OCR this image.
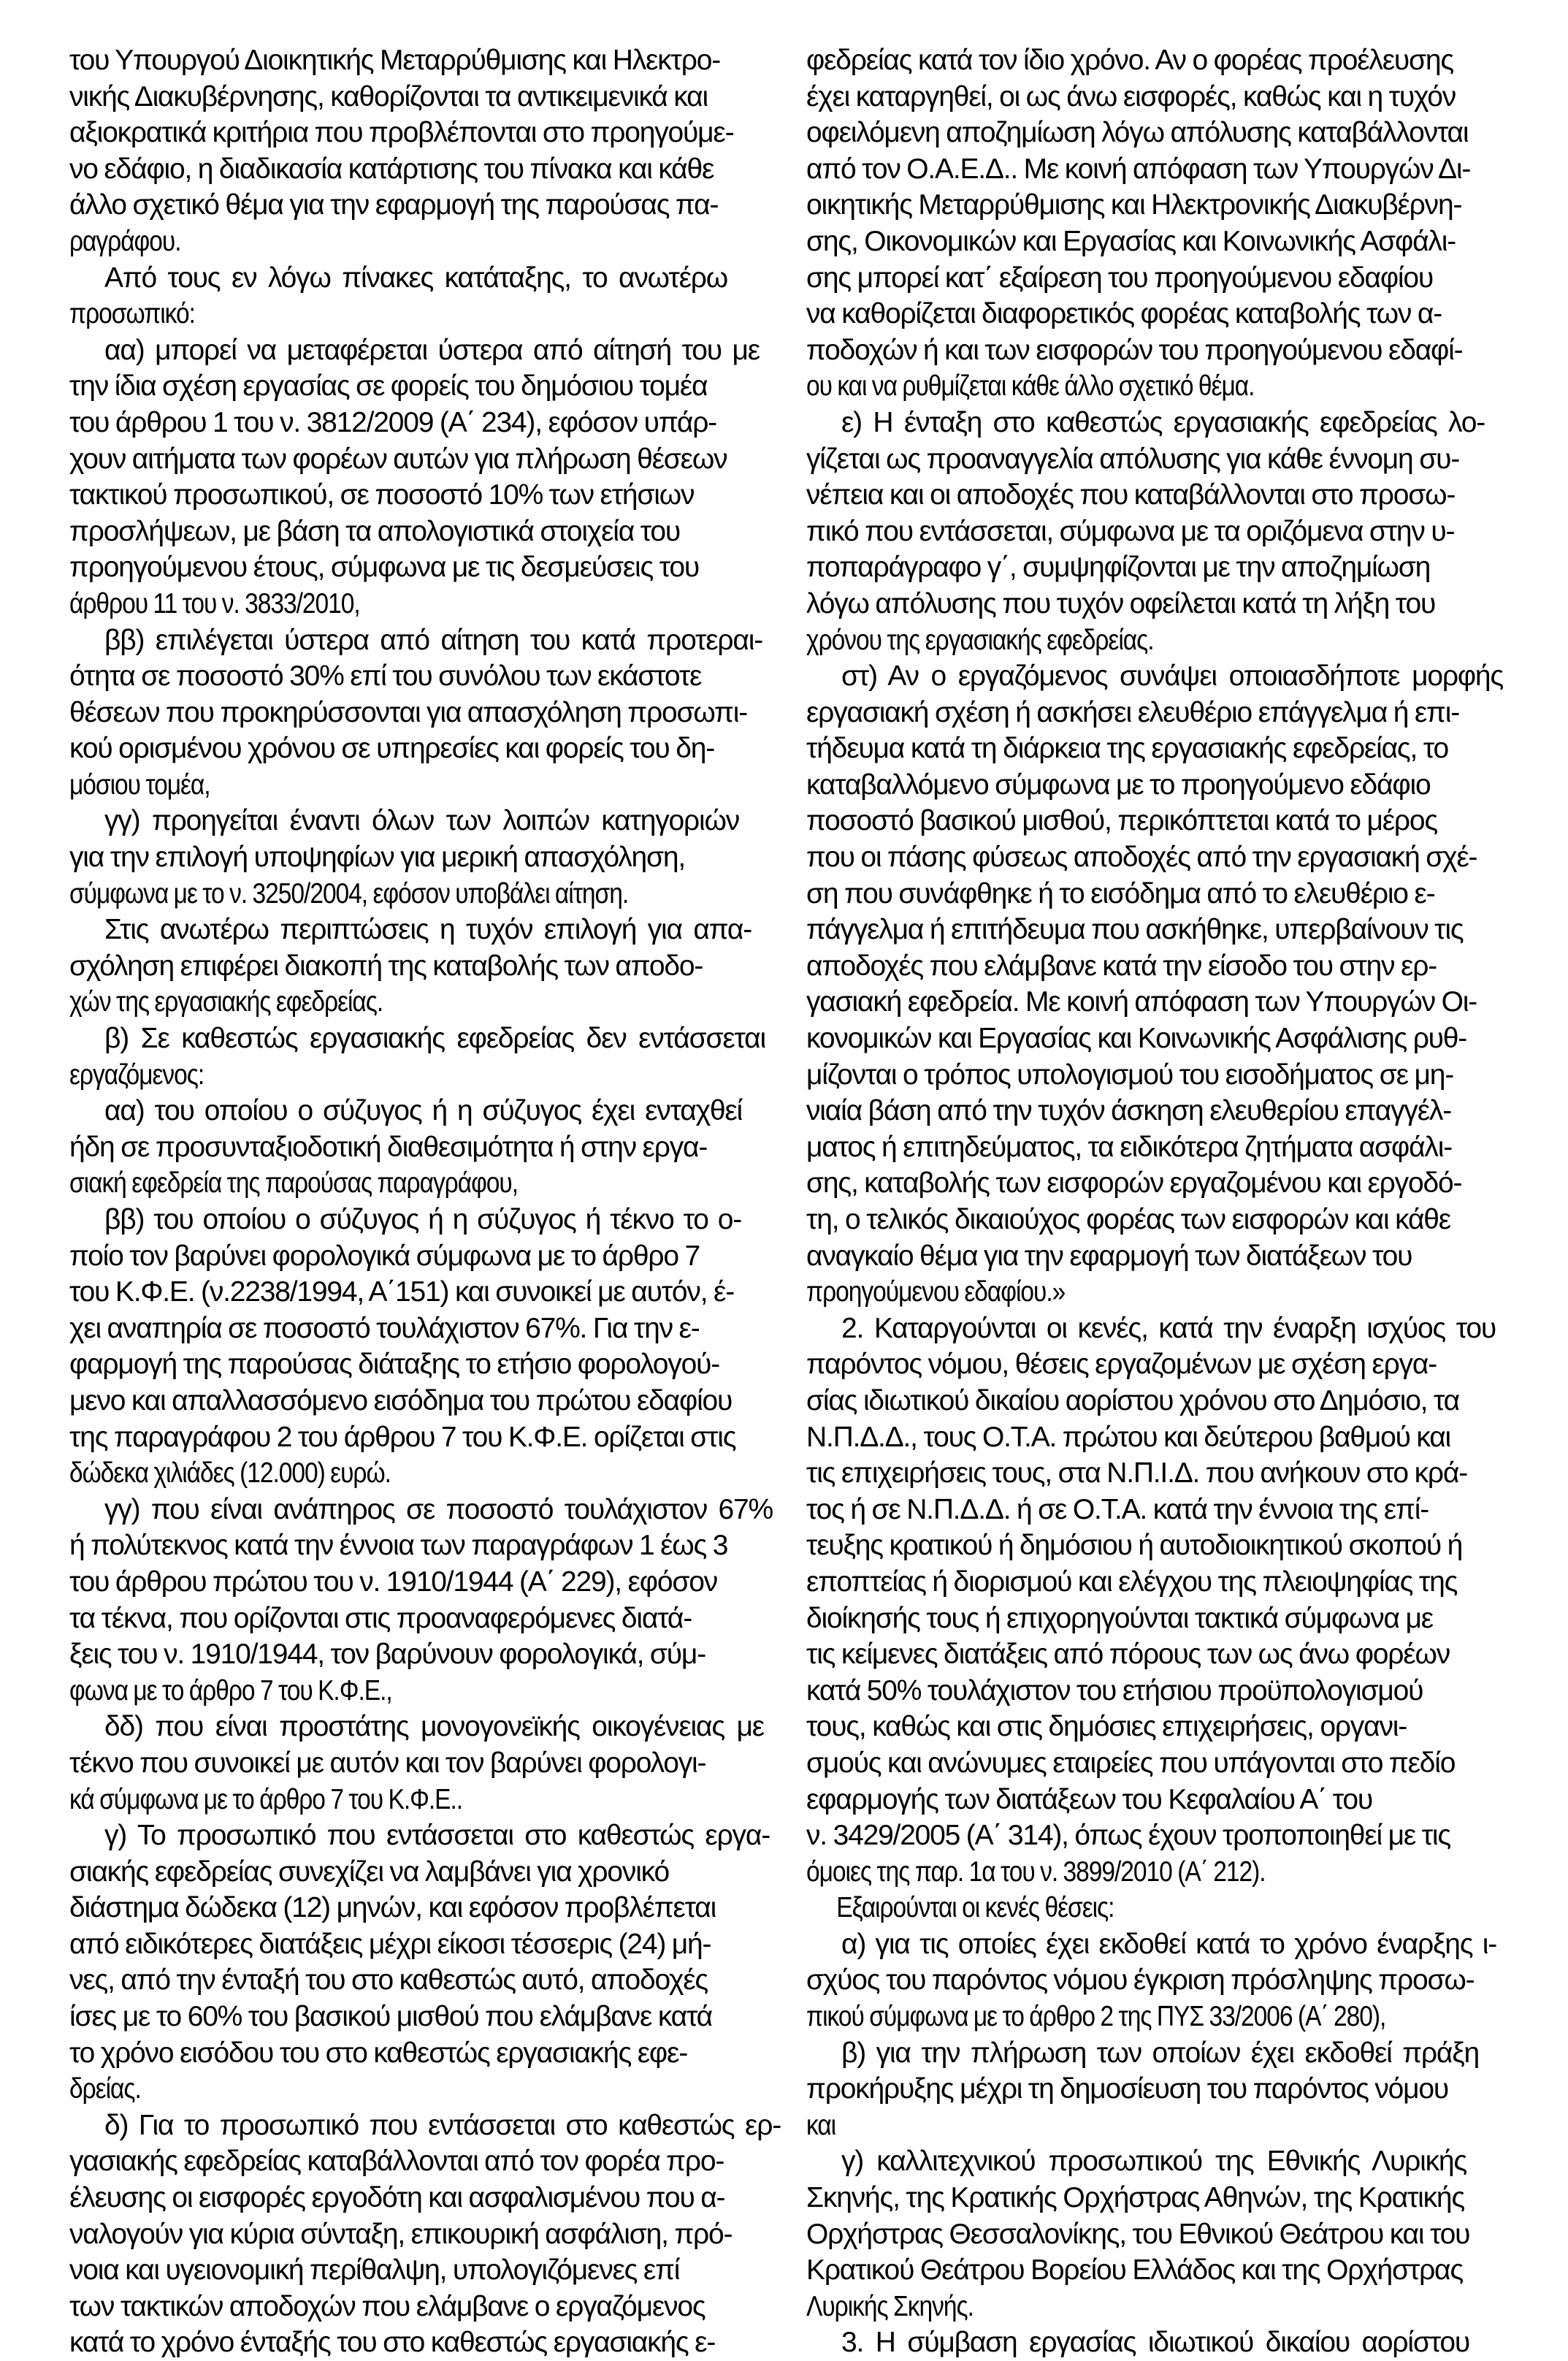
του Υπουργού Διοικητικής Μεταρρύθμισης και Ηλεκτρο-
νικής Διακυβέρνησης, καθορίζονται τα αντικειμενικά και
αξιοκρατικά κριτήρια που προβλέπονται στο προηγούμε-
νο εδάφιο, η διαδικασία κατάρτισης του πίνακα και κάθε
άλλο σχετικό θέμα για την εφαρμογή της παρούσας πα-
ραγράφου.
Από τους εν λόγω πίνακες κατάταξης, το ανωτέρω
προσωπικό:
αα) μπορεί να μεταφέρεται ύστερα από αίτησή του με
την ίδια σχέση εργασίας σε φορείς του δημόσιου τομέα
του άρθρου 1 του ν. 3812/2009 (Α΄ 234), εφόσον υπάρ-
χουν αιτήματα των φορέων αυτών για πλήρωση θέσεων
τακτικού προσωπικού, σε ποσοστό 10% των ετήσιων
προσλήψεων, με βάση τα απολογιστικά στοιχεία του
προηγούμενου έτους, σύμφωνα με τις δεσμεύσεις του
άρθρου 11 του ν. 3833/2010,
ββ) επιλέγεται ύστερα από αίτηση του κατά προτεραι-
ότητα σε ποσοστό 30% επί του συνόλου των εκάστοτε
θέσεων που προκηρύσσονται για απασχόληση προσωπι-
κού ορισμένου χρόνου σε υπηρεσίες και φορείς του δη-
μόσιου τομέα,
γγ) προηγείται έναντι όλων των λοιπών κατηγοριών
για την επιλογή υποψηφίων για μερική απασχόληση,
σύμφωνα με το ν. 3250/2004, εφόσον υποβάλει αίτηση.
Στις ανωτέρω περιπτώσεις η τυχόν επιλογή για απα-
σχόληση επιφέρει διακοπή της καταβολής των αποδο-
χών της εργασιακής εφεδρείας.
β) Σε καθεστώς εργασιακής εφεδρείας δεν εντάσσεται
εργαζόμενος:
αα) του οποίου ο σύζυγος ή η σύζυγος έχει ενταχθεί
ήδη σε προσυνταξιοδοτική διαθεσιμότητα ή στην εργα-
σιακή εφεδρεία της παρούσας παραγράφου,
ββ) του οποίου ο σύζυγος ή η σύζυγος ή τέκνο το ο-
ποίο τον βαρύνει φορολογικά σύμφωνα με το άρθρο 7
του Κ.Φ.Ε. (ν.2238/1994, Α΄151) και συνοικεί με αυτόν, έ-
χει αναπηρία σε ποσοστό τουλάχιστον 67%. Για την ε-
φαρμογή της παρούσας διάταξης το ετήσιο φορολογού-
μενο και απαλλασσόμενο εισόδημα του πρώτου εδαφίου
της παραγράφου 2 του άρθρου 7 του Κ.Φ.Ε. ορίζεται στις
δώδεκα χιλιάδες (12.000) ευρώ.
γγ) που είναι ανάπηρος σε ποσοστό τουλάχιστον 67%
ή πολύτεκνος κατά την έννοια των παραγράφων 1 έως 3
του άρθρου πρώτου του ν. 1910/1944 (Α΄ 229), εφόσον
τα τέκνα, που ορίζονται στις προαναφερόμενες διατά-
ξεις του ν. 1910/1944, τον βαρύνουν φορολογικά, σύμ-
φωνα με το άρθρο 7 του Κ.Φ.Ε.,
δδ) που είναι προστάτης μονογονεϊκής οικογένειας με
τέκνο που συνοικεί με αυτόν και τον βαρύνει φορολογι-
κά σύμφωνα με το άρθρο 7 του Κ.Φ.Ε..
γ) Το προσωπικό που εντάσσεται στο καθεστώς εργα-
σιακής εφεδρείας συνεχίζει να λαμβάνει για χρονικό
διάστημα δώδεκα (12) μηνών, και εφόσον προβλέπεται
από ειδικότερες διατάξεις μέχρι είκοσι τέσσερις (24) μή-
νες, από την ένταξή του στο καθεστώς αυτό, αποδοχές
ίσες με το 60% του βασικού μισθού που ελάμβανε κατά
το χρόνο εισόδου του στο καθεστώς εργασιακής εφε-
δρείας.
δ) Για το προσωπικό που εντάσσεται στο καθεστώς ερ-
γασιακής εφεδρείας καταβάλλονται από τον φορέα προ-
έλευσης οι εισφορές εργοδότη και ασφαλισμένου που α-
ναλογούν για κύρια σύνταξη, επικουρική ασφάλιση, πρό-
νοια και υγειονομική περίθαλψη, υπολογιζόμενες επί
των τακτικών αποδοχών που ελάμβανε ο εργαζόμενος
κατά το χρόνο ένταξής του στο καθεστώς εργασιακής ε-
φεδρείας κατά τον ίδιο χρόνο. Αν ο φορέας προέλευσης
έχει καταργηθεί, οι ως άνω εισφορές, καθώς και η τυχόν
οφειλόμενη αποζημίωση λόγω απόλυσης καταβάλλονται
από τον Ο.Α.Ε.Δ.. Με κοινή απόφαση των Υπουργών Δι-
οικητικής Μεταρρύθμισης και Ηλεκτρονικής Διακυβέρνη-
σης, Οικονομικών και Εργασίας και Κοινωνικής Ασφάλι-
σης μπορεί κατ΄ εξαίρεση του προηγούμενου εδαφίου
να καθορίζεται διαφορετικός φορέας καταβολής των α-
ποδοχών ή και των εισφορών του προηγούμενου εδαφί-
ου και να ρυθμίζεται κάθε άλλο σχετικό θέμα.
ε) Η ένταξη στο καθεστώς εργασιακής εφεδρείας λο-
γίζεται ως προαναγγελία απόλυσης για κάθε έννομη συ-
νέπεια και οι αποδοχές που καταβάλλονται στο προσω-
πικό που εντάσσεται, σύμφωνα με τα οριζόμενα στην υ-
ποπαράγραφο γ΄, συμψηφίζονται με την αποζημίωση
λόγω απόλυσης που τυχόν οφείλεται κατά τη λήξη του
χρόνου της εργασιακής εφεδρείας.
στ) Αν ο εργαζόμενος συνάψει οποιασδήποτε μορφής
εργασιακή σχέση ή ασκήσει ελευθέριο επάγγελμα ή επι-
τήδευμα κατά τη διάρκεια της εργασιακής εφεδρείας, το
καταβαλλόμενο σύμφωνα με το προηγούμενο εδάφιο
ποσοστό βασικού μισθού, περικόπτεται κατά το μέρος
που οι πάσης φύσεως αποδοχές από την εργασιακή σχέ-
ση που συνάφθηκε ή το εισόδημα από το ελευθέριο ε-
πάγγελμα ή επιτήδευμα που ασκήθηκε, υπερβαίνουν τις
αποδοχές που ελάμβανε κατά την είσοδο του στην ερ-
γασιακή εφεδρεία. Με κοινή απόφαση των Υπουργών Οι-
κονομικών και Εργασίας και Κοινωνικής Ασφάλισης ρυθ-
μίζονται ο τρόπος υπολογισμού του εισοδήματος σε μη-
νιαία βάση από την τυχόν άσκηση ελευθερίου επαγγέλ-
ματος ή επιτηδεύματος, τα ειδικότερα ζητήματα ασφάλι-
σης, καταβολής των εισφορών εργαζομένου και εργοδό-
τη, ο τελικός δικαιούχος φορέας των εισφορών και κάθε
αναγκαίο θέμα για την εφαρμογή των διατάξεων του
προηγούμενου εδαφίου.»
2. Καταργούνται οι κενές, κατά την έναρξη ισχύος του
παρόντος νόμου, θέσεις εργαζομένων με σχέση εργα-
σίας ιδιωτικού δικαίου αορίστου χρόνου στο Δημόσιο, τα
Ν.Π.Δ.Δ., τους Ο.Τ.Α. πρώτου και δεύτερου βαθμού και
τις επιχειρήσεις τους, στα Ν.Π.Ι.Δ. που ανήκουν στο κρά-
τος ή σε Ν.Π.Δ.Δ. ή σε Ο.Τ.Α. κατά την έννοια της επί-
τευξης κρατικού ή δημόσιου ή αυτοδιοικητικού σκοπού ή
εποπτείας ή διορισμού και ελέγχου της πλειοψηφίας της
διοίκησής τους ή επιχορηγούνται τακτικά σύμφωνα με
τις κείμενες διατάξεις από πόρους των ως άνω φορέων
κατά 50% τουλάχιστον του ετήσιου προϋπολογισμού
τους, καθώς και στις δημόσιες επιχειρήσεις, οργανι-
σμούς και ανώνυμες εταιρείες που υπάγονται στο πεδίο
εφαρμογής των διατάξεων του Κεφαλαίου Α΄ του
ν. 3429/2005 (Α΄ 314), όπως έχουν τροποποιηθεί με τις
όμοιες της παρ. 1α του ν. 3899/2010 (Α΄ 212).
Εξαιρούνται οι κενές θέσεις:
α) για τις οποίες έχει εκδοθεί κατά το χρόνο έναρξης ι-
σχύος του παρόντος νόμου έγκριση πρόσληψης προσω-
πικού σύμφωνα με το άρθρο 2 της ΠΥΣ 33/2006 (Α΄ 280),
β) για την πλήρωση των οποίων έχει εκδοθεί πράξη
προκήρυξης μέχρι τη δημοσίευση του παρόντος νόμου
και
γ) καλλιτεχνικού προσωπικού της Εθνικής Λυρικής
Σκηνής, της Κρατικής Ορχήστρας Αθηνών, της Κρατικής
Ορχήστρας Θεσσαλονίκης, του Εθνικού Θεάτρου και του
Κρατικού Θεάτρου Βορείου Ελλάδος και της Ορχήστρας
Λυρικής Σκηνής.
3. Η σύμβαση εργασίας ιδιωτικού δικαίου αορίστου
